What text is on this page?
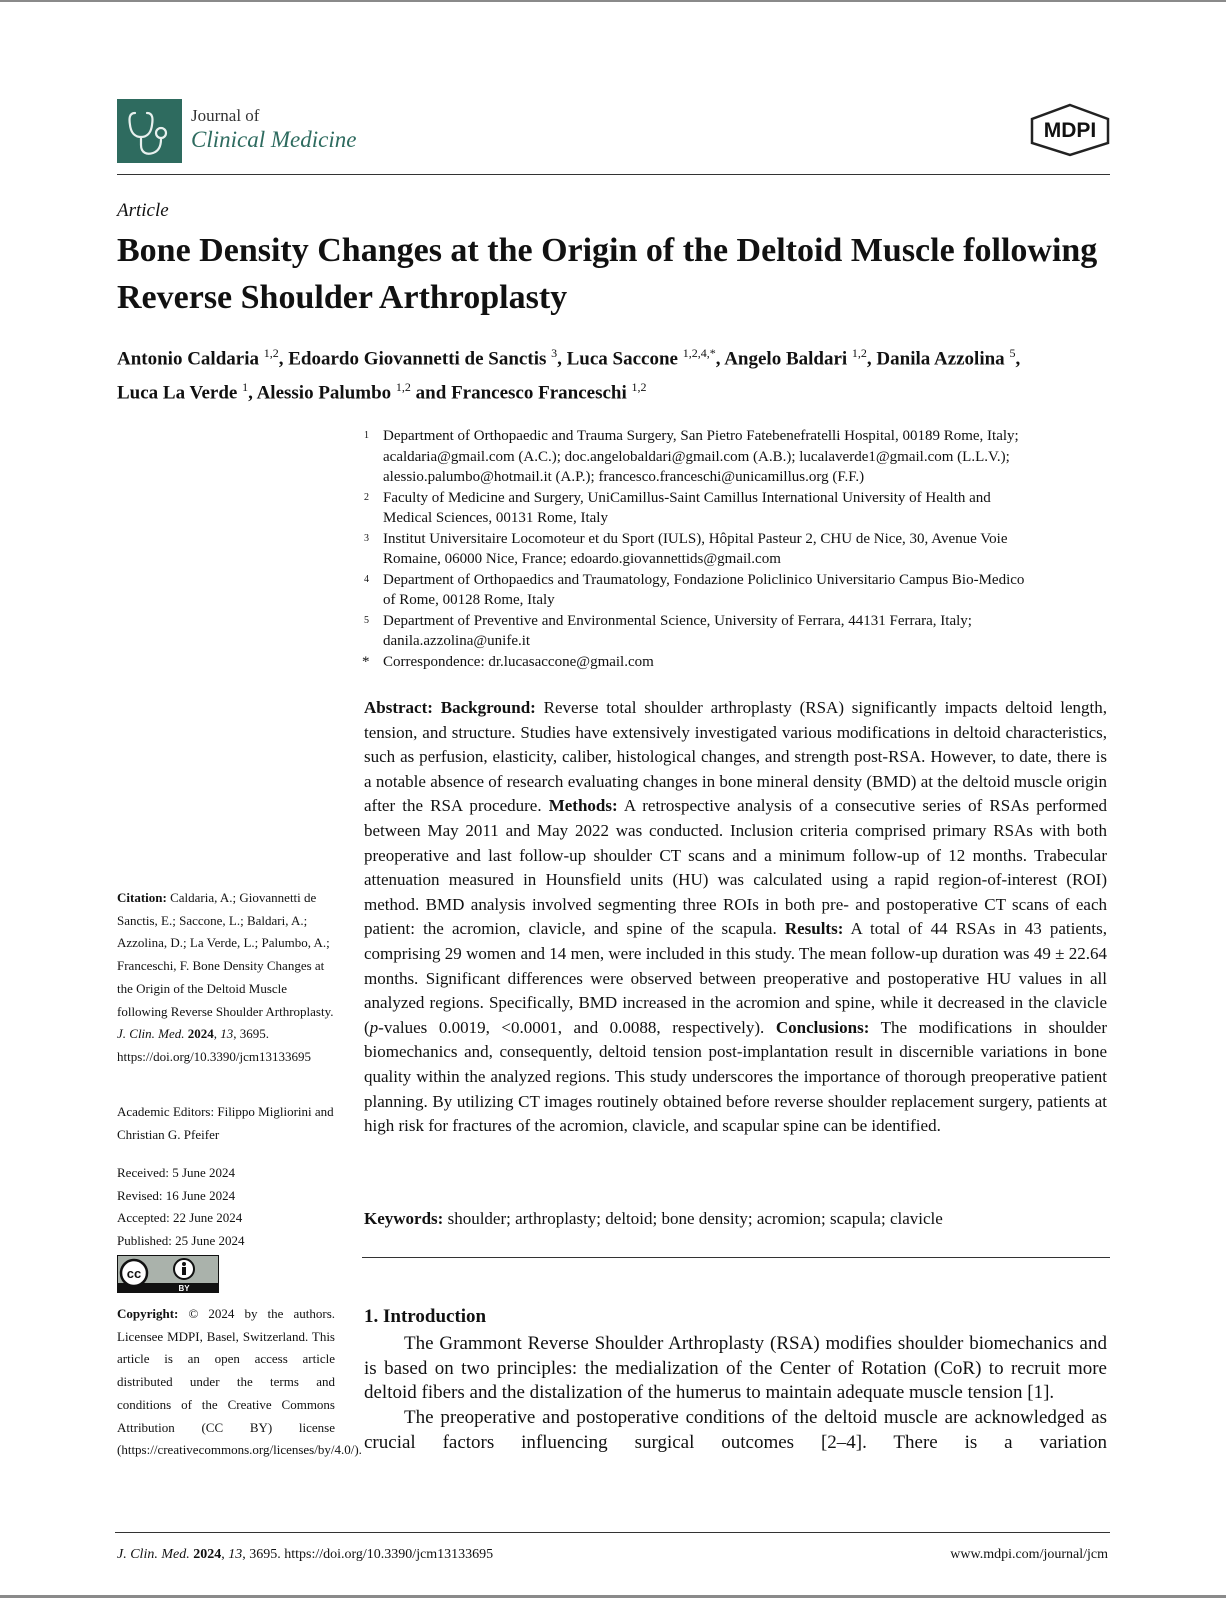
Journal of
Clinical Medicine	MDPI
Article
Bone Density Changes at the Origin of the Deltoid Muscle following Reverse Shoulder Arthroplasty
Antonio Caldaria $^{1,2}$, Edoardo Giovannetti de Sanctis $^3$, Luca Saccone $^{1,2,4,*}$, Angelo Baldari $^{1,2}$, Danila Azzolina $^5$,
Luca La Verde $^1$, Alessio Palumbo $^{1,2}$ and Francesco Franceschi $^{1,2}$
1 Department of Orthopaedic and Trauma Surgery, San Pietro Fatebenefratelli Hospital, 00189 Rome, Italy;
acaldaria@gmail.com (A.C.); doc.angelobaldari@gmail.com (A.B.); lucalaverde1@gmail.com (L.L.V.);
alessio.palumbo@hotmail.it (A.P.); francesco.franceschi@unicamillus.org (F.F.)
2 Faculty of Medicine and Surgery, UniCamillus-Saint Camillus International University of Health and
Medical Sciences, 00131 Rome, Italy
3 Institut Universitaire Locomoteur et du Sport (IULS), Hôpital Pasteur 2, CHU de Nice, 30, Avenue Voie
Romaine, 06000 Nice, France; edoardo.giovannettids@gmail.com
4 Department of Orthopaedics and Traumatology, Fondazione Policlinico Universitario Campus Bio-Medico
of Rome, 00128 Rome, Italy
5 Department of Preventive and Environmental Science, University of Ferrara, 44131 Ferrara, Italy;
danila.azzolina@unife.it
* Correspondence: dr.lucasaccone@gmail.com
Citation: Caldaria, A.; Giovannetti de Sanctis, E.; Saccone, L.; Baldari, A.; Azzolina, D.; La Verde, L.; Palumbo, A.; Franceschi, F. Bone Density Changes at the Origin of the Deltoid Muscle following Reverse Shoulder Arthroplasty. J. Clin. Med. 2024, 13, 3695. https://doi.org/10.3390/jcm13133695
Academic Editors: Filippo Migliorini and Christian G. Pfeifer
Received: 5 June 2024
Revised: 16 June 2024
Accepted: 22 June 2024
Published: 25 June 2024
cc
BY
Copyright: © 2024 by the authors. Licensee MDPI, Basel, Switzerland. This article is an open access article distributed under the terms and conditions of the Creative Commons Attribution (CC BY) license (https://creativecommons.org/licenses/by/4.0/).

Abstract: Background: Reverse total shoulder arthroplasty (RSA) significantly impacts deltoid length, tension, and structure. Studies have extensively investigated various modifications in deltoid characteristics, such as perfusion, elasticity, caliber, histological changes, and strength post-RSA. However, to date, there is a notable absence of research evaluating changes in bone mineral density (BMD) at the deltoid muscle origin after the RSA procedure. Methods: A retrospective analysis of a consecutive series of RSAs performed between May 2011 and May 2022 was conducted. Inclusion criteria comprised primary RSAs with both preoperative and last follow-up shoulder CT scans and a minimum follow-up of 12 months. Trabecular attenuation measured in Hounsfield units (HU) was calculated using a rapid region-of-interest (ROI) method. BMD analysis involved segmenting three ROIs in both pre- and postoperative CT scans of each patient: the acromion, clavicle, and spine of the scapula. Results: A total of 44 RSAs in 43 patients, comprising 29 women and 14 men, were included in this study. The mean follow-up duration was 49 ± 22.64 months. Significant differences were observed between preoperative and postoperative HU values in all analyzed regions. Specifically, BMD increased in the acromion and spine, while it decreased in the clavicle (p-values 0.0019, <0.0001, and 0.0088, respectively). Conclusions: The modifications in shoulder biomechanics and, consequently, deltoid tension post-implantation result in discernible variations in bone quality within the analyzed regions. This study underscores the importance of thorough preoperative patient planning. By utilizing CT images routinely obtained before reverse shoulder replacement surgery, patients at high risk for fractures of the acromion, clavicle, and scapular spine can be identified.

Keywords: shoulder; arthroplasty; deltoid; bone density; acromion; scapula; clavicle
1. Introduction

The Grammont Reverse Shoulder Arthroplasty (RSA) modifies shoulder biomechanics and is based on two principles: the medialization of the Center of Rotation (CoR) to recruit more deltoid fibers and the distalization of the humerus to maintain adequate muscle tension [1].

The preoperative and postoperative conditions of the deltoid muscle are acknowledged as crucial factors influencing surgical outcomes [2–4]. There is a variation

J. Clin. Med. 2024, 13, 3695. https://doi.org/10.3390/jcm13133695	www.mdpi.com/journal/jcm
